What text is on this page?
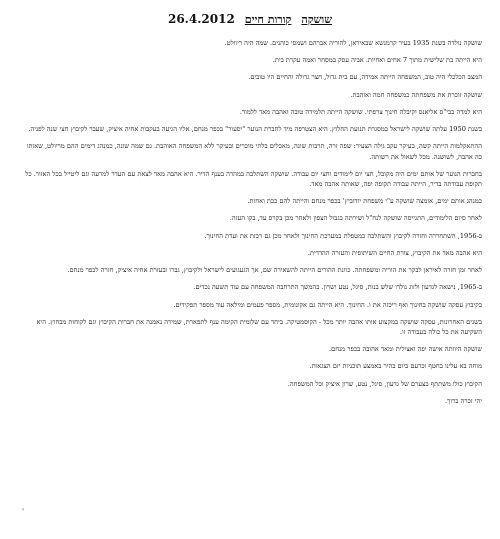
שושקה
קורות חיים
26.4.2012

שושקה נולדה בשנת 1935 בעיר קרמנשא שבאיראן, להוריה אברהם ושמסי כוהנים. שמה היה ריוולט.

היא הייתה בת שלישית מתוך 7 אחים ואחיות. אביה עסק במסחר ואמה עקרת בית.

המצב הכלכלי היה טוב, המשפחה הייתה אמידה, עם בית גדול, חצר גדולה והחיים היו טובים.

שושקה זוכרת את משפחתה כמשפחה חמה ואוהבת.

היא למדה בבי"ס אליאנס וקיבלה חינוך צרפתי. שושקה הייתה תלמידה טובה ואהבה מאד ללמוד.

בשנת 1950 עלתה שושקה לישראל במסגרת תנועת החלוץ. היא הצטרפה מיד לחברת הנוער "יסעור" בכפר מנחם, אליו הגיעה בעקבות אחיה איציק, שעבר לקיבוץ חצי שנה לפניה.

ההתאקלמות הייתה קשה, בעיקר עקב גילה הצעיר: שפה זרה, תרבות שונה, מאכלים בלתי מוכרים ובעיקר ללא המשפחה האוהבת. גם שמה שונה, כמנהג דימים ההם מריולט, שאותו כה אהבה, לשושנה. מכל לשאול את רשותה.

בחברות הנוער של אותם ימים היה מקובל, חצי יום לימודים וחצי יום עבודה. שושקה השתלבה במהרה בענף הדיר. היא אהבה מאד לצאת עם העדר למרעה וגם ליטייל בכל האזור. כל תקופת עבודתה בדיר, הייתה עבודה תקופה יפה, שאותה אהבה מאד.

כמנהג אותם ימים, אומצה שושקה ע"י משפחת יודוביץ' בכפר מנחם והייתה להם כבת ואחות.

לאחר סיום הלימודים, התגייסה שושקה לנח"ל ושירתה בגבול הצפון ולאחר מכן בקרס עד, בקו העזה.

ב-1956, השתחררה וחזרה לקיבוץ והשתלבה כמטפלת במערכת החינוך ולאחר מכן גם רכזת את ועדת החינוך.

היא אהבה מאד את הקיבוץ, צורת החיים השיתופית והעזרה ההדדית.

לאחר זמן חזרה לאיראן לבקר את הוריה ומשפחתה. כוונת ההורים הייתה להשאירה שם, אך הגעגועים לישראל ולקיבוץ, גברו ובעזרת אחיה איציק, חזרה לכפר מנחם.

ב-1965, נישאה לגדעון ולזוג נולדו שלש בנות, סיגל, נטע ושרון. בהמשך התרחבה המשפחה עם עוד תשעה נכדים.

בקיבוץ עסקה שושקה בחינוך ואף ריכזה את ו. החינוך. היא הייתה גם אקונומית, מספר פעמים ומילאה עוד מספר תפקידים.

בשנים האחרונות, עסקה שושקה במקצוע אותו אהבה יותר מכל - הקוסמטיקה. ביחד עם שלומית הקימה ענף לתפארת, שמירה נאמנה את חברות הקיבוץ וגם לקוחות מבחוץ. היא השקיעה את כל כולה בעבודה זו.

שושקה היוותה אישה יפה ואצילית ומאד אהובה בכפר מנחם.

מוחה בא עלינו בחטף וכרעם ביום בהיר באמצע תוכניות יזם הצגאות.

הקיבוץ כולו משתתף בצערם של גדעון, סיגל, נטע, שרון איציק וכל המשפחה.

יהי זכרה ברוך.

י
